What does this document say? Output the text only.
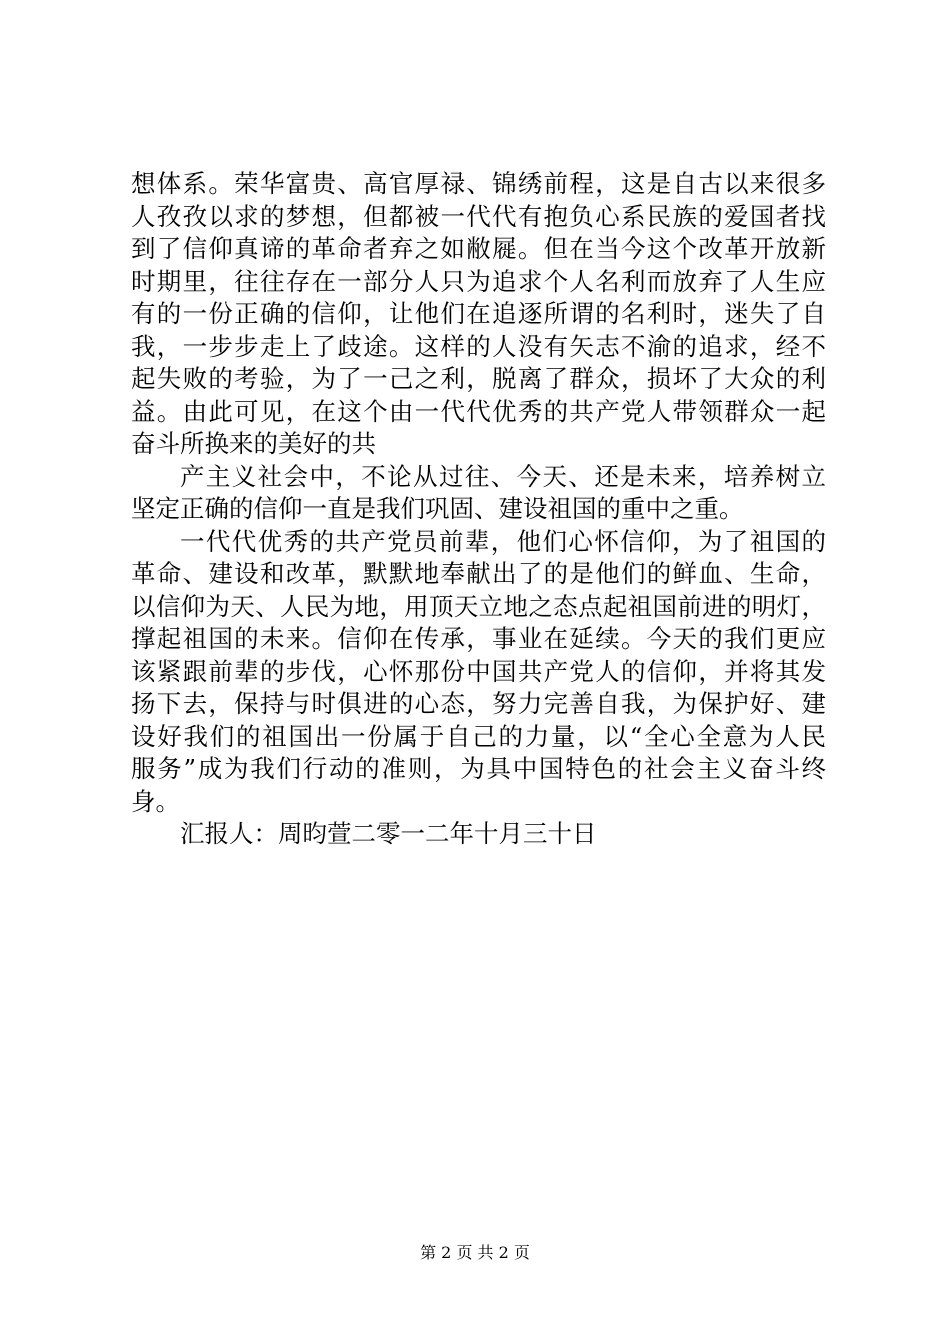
想体系。荣华富贵、高官厚禄、锦绣前程，这是自古以来很多
人孜孜以求的梦想，但都被一代代有抱负心系民族的爱国者找
到了信仰真谛的革命者弃之如敝屣。但在当今这个改革开放新
时期里，往往存在一部分人只为追求个人名利而放弃了人生应
有的一份正确的信仰，让他们在追逐所谓的名利时，迷失了自
我，一步步走上了歧途。这样的人没有矢志不渝的追求，经不
起失败的考验，为了一己之利，脱离了群众，损坏了大众的利
益。由此可见，在这个由一代代优秀的共产党人带领群众一起
奋斗所换来的美好的共
产主义社会中，不论从过往、今天、还是未来，培养树立
坚定正确的信仰一直是我们巩固、建设祖国的重中之重。
一代代优秀的共产党员前辈，他们心怀信仰，为了祖国的
革命、建设和改革，默默地奉献出了的是他们的鲜血、生命，
以信仰为天、人民为地，用顶天立地之态点起祖国前进的明灯，
撑起祖国的未来。信仰在传承，事业在延续。今天的我们更应
该紧跟前辈的步伐，心怀那份中国共产党人的信仰，并将其发
扬下去，保持与时俱进的心态，努力完善自我，为保护好、建
设好我们的祖国出一份属于自己的力量，以“全心全意为人民
服务”成为我们行动的准则，为具中国特色的社会主义奋斗终
身。
汇报人：周昀萱二零一二年十月三十日
第 2 页 共 2 页
